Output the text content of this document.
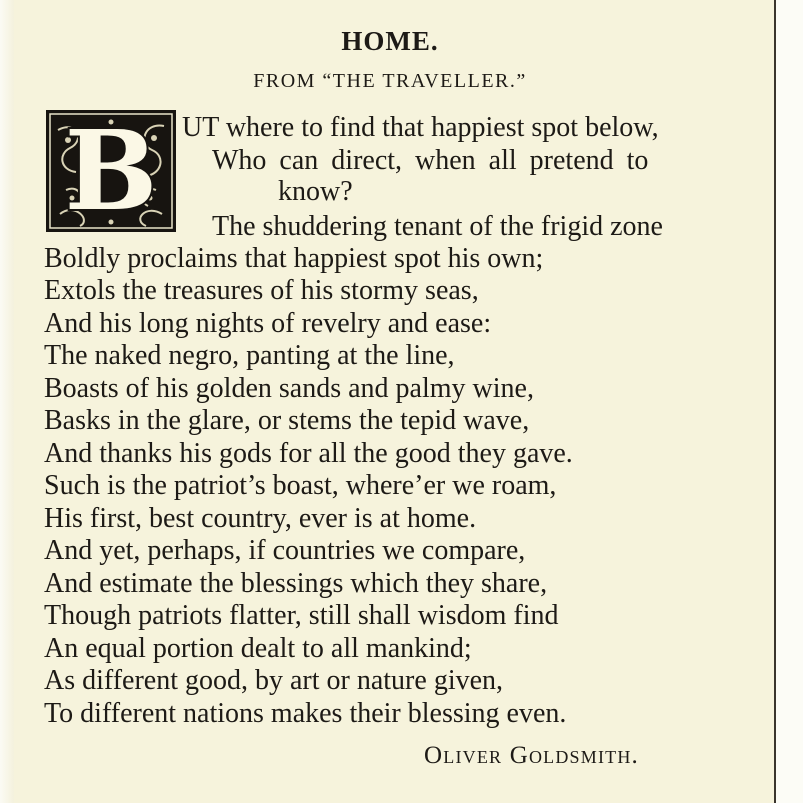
HOME.
FROM “THE TRAVELLER.”
B UT where to find that happiest spot below,
Who can direct, when all pretend to
know?
The shuddering tenant of the frigid zone
Boldly proclaims that happiest spot his own;
Extols the treasures of his stormy seas,
And his long nights of revelry and ease:
The naked negro, panting at the line,
Boasts of his golden sands and palmy wine,
Basks in the glare, or stems the tepid wave,
And thanks his gods for all the good they gave.
Such is the patriot’s boast, where’er we roam,
His first, best country, ever is at home.
And yet, perhaps, if countries we compare,
And estimate the blessings which they share,
Though patriots flatter, still shall wisdom find
An equal portion dealt to all mankind;
As different good, by art or nature given,
To different nations makes their blessing even.
Oliver Goldsmith.
